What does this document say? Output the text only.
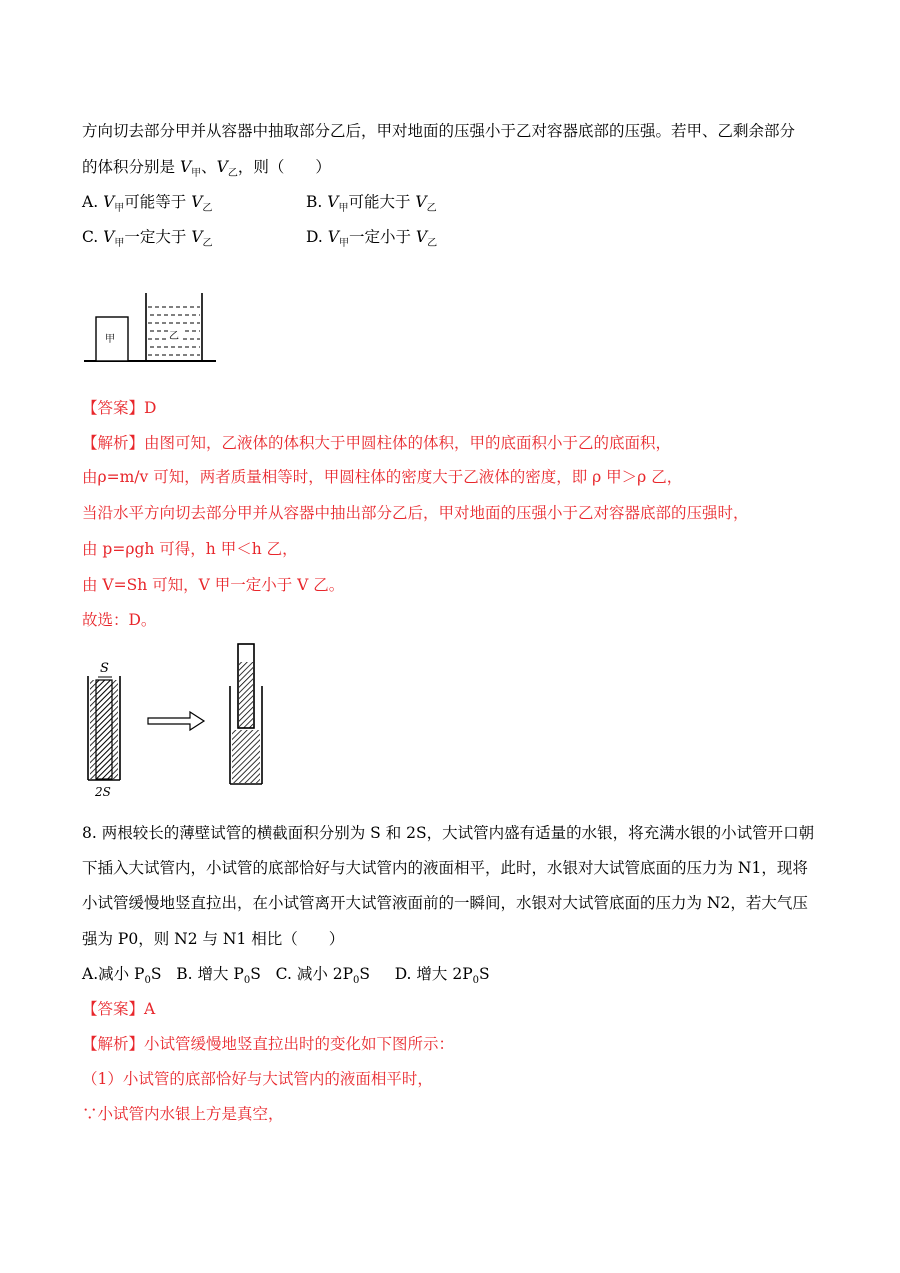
方向切去部分甲并从容器中抽取部分乙后，甲对地面的压强小于乙对容器底部的压强。若甲、乙剩余部分
的体积分别是 $V_甲$、$V_乙$，则（　　）
A. $V_甲$可能等于 $V_乙$	B. $V_甲$可能大于 $V_乙$
C. $V_甲$一定大于 $V_乙$	D. $V_甲$一定小于 $V_乙$
甲	乙
【答案】D
【解析】由图可知，乙液体的体积大于甲圆柱体的体积，甲的底面积小于乙的底面积，
由ρ=m/v 可知，两者质量相等时，甲圆柱体的密度大于乙液体的密度，即 ρ 甲＞ρ 乙，
当沿水平方向切去部分甲并从容器中抽出部分乙后，甲对地面的压强小于乙对容器底部的压强时，
由 p=ρgh 可得，h 甲＜h 乙，
由 V=Sh 可知，V 甲一定小于 V 乙。
故选：D。
S
2S
8. 两根较长的薄壁试管的横截面积分别为 S 和 2S，大试管内盛有适量的水银，将充满水银的小试管开口朝
下插入大试管内，小试管的底部恰好与大试管内的液面相平，此时，水银对大试管底面的压力为 N1，现将
小试管缓慢地竖直拉出，在小试管离开大试管液面前的一瞬间，水银对大试管底面的压力为 N2，若大气压
强为 P0，则 N2 与 N1 相比（　　）
A.减小 $P_0S$ B. 增大 $P_0S$ C. 减小 $2P_0S$ D. 增大 $2P_0S$
【答案】A
【解析】小试管缓慢地竖直拉出时的变化如下图所示：
（1）小试管的底部恰好与大试管内的液面相平时，
∵小试管内水银上方是真空，
